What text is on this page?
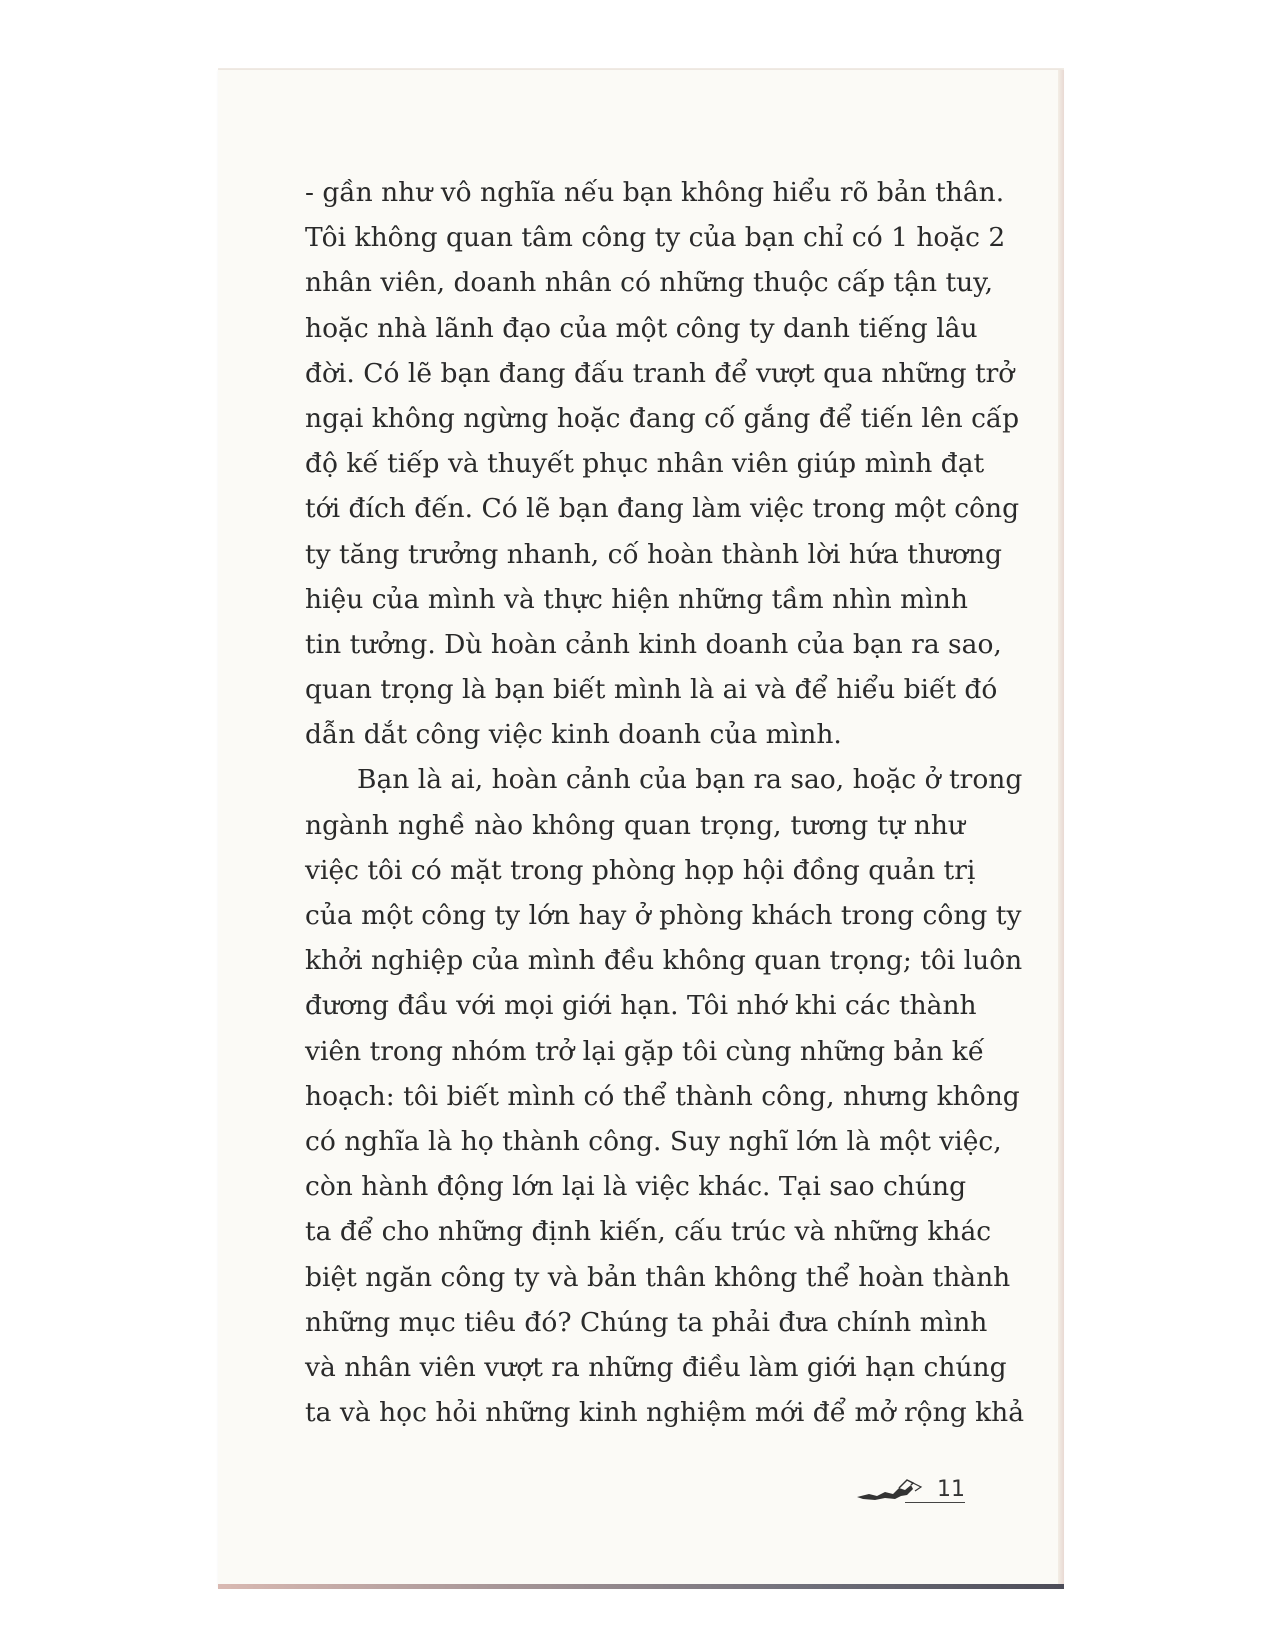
- gần như vô nghĩa nếu bạn không hiểu rõ bản thân.
Tôi không quan tâm công ty của bạn chỉ có 1 hoặc 2
nhân viên, doanh nhân có những thuộc cấp tận tuy,
hoặc nhà lãnh đạo của một công ty danh tiếng lâu
đời. Có lẽ bạn đang đấu tranh để vượt qua những trở
ngại không ngừng hoặc đang cố gắng để tiến lên cấp
độ kế tiếp và thuyết phục nhân viên giúp mình đạt
tới đích đến. Có lẽ bạn đang làm việc trong một công
ty tăng trưởng nhanh, cố hoàn thành lời hứa thương
hiệu của mình và thực hiện những tầm nhìn mình
tin tưởng. Dù hoàn cảnh kinh doanh của bạn ra sao,
quan trọng là bạn biết mình là ai và để hiểu biết đó
dẫn dắt công việc kinh doanh của mình.
Bạn là ai, hoàn cảnh của bạn ra sao, hoặc ở trong
ngành nghề nào không quan trọng, tương tự như
việc tôi có mặt trong phòng họp hội đồng quản trị
của một công ty lớn hay ở phòng khách trong công ty
khởi nghiệp của mình đều không quan trọng; tôi luôn
đương đầu với mọi giới hạn. Tôi nhớ khi các thành
viên trong nhóm trở lại gặp tôi cùng những bản kế
hoạch: tôi biết mình có thể thành công, nhưng không
có nghĩa là họ thành công. Suy nghĩ lớn là một việc,
còn hành động lớn lại là việc khác. Tại sao chúng
ta để cho những định kiến, cấu trúc và những khác
biệt ngăn công ty và bản thân không thể hoàn thành
những mục tiêu đó? Chúng ta phải đưa chính mình
và nhân viên vượt ra những điều làm giới hạn chúng
ta và học hỏi những kinh nghiệm mới để mở rộng khả
11
